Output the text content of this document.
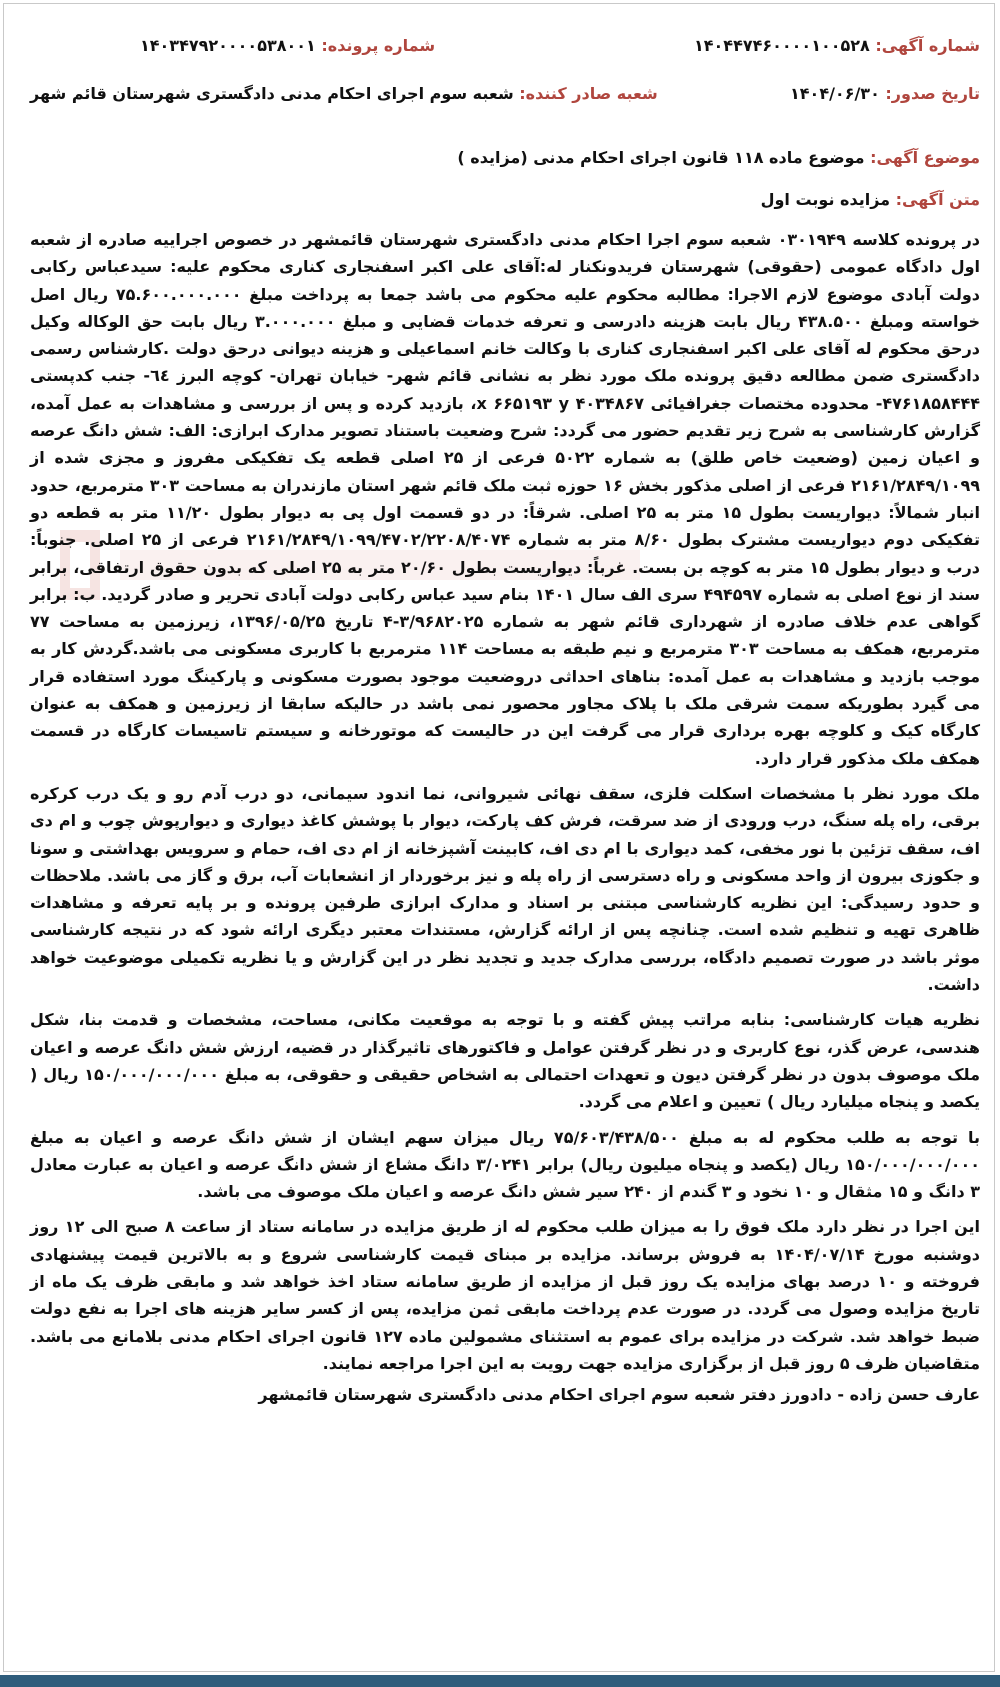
شماره آگهی: ۱۴۰۴۴۷۴۶۰۰۰۰۱۰۰۵۲۸
شماره پرونده: ۱۴۰۳۴۷۹۲۰۰۰۰۵۳۸۰۰۱
تاریخ صدور: ۱۴۰۴/۰۶/۳۰
شعبه صادر کننده: شعبه سوم اجرای احکام مدنی دادگستری شهرستان قائم شهر
موضوع آگهی: موضوع ماده ۱۱۸ قانون اجرای احکام مدنی (مزایده )
متن آگهی: مزایده نوبت اول

در پرونده کلاسه ۰۳۰۱۹۴۹ شعبه سوم اجرا احکام مدنی دادگستری شهرستان قائمشهر در خصوص اجراییه صادره از شعبه اول دادگاه عمومی (حقوقی) شهرستان فریدونکنار له:آقای علی اکبر اسفنجاری کناری محکوم علیه: سیدعباس رکابی دولت آبادی موضوع لازم الاجرا: مطالبه محکوم علیه محکوم می باشد جمعا به پرداخت مبلغ ۷۵.۶۰۰.۰۰۰.۰۰۰ ریال اصل خواسته ومبلغ ۴۳۸.۵۰۰ ریال بابت هزینه دادرسی و تعرفه خدمات قضایی و مبلغ ۳.۰۰۰.۰۰۰ ریال بابت حق الوکاله وکیل درحق محکوم له آقای علی اکبر اسفنجاری کناری با وکالت خانم اسماعیلی و هزینه دیوانی درحق دولت .کارشناس رسمی دادگستری ضمن مطالعه دقیق پرونده ملک مورد نظر به نشانی قائم شهر- خیابان تهران- کوچه البرز ٦٤- جنب کدپستی ۴۷۶۱۸۵۸۴۴۴- محدوده مختصات جغرافیائی x ۶۶۵۱۹۳ y ۴۰۳۴۸۶۷، بازدید کرده و پس از بررسی و مشاهدات به عمل آمده، گزارش کارشناسی به شرح زیر تقدیم حضور می گردد: شرح وضعیت باستناد تصویر مدارک ابرازی: الف: شش دانگ عرصه و اعیان زمین (وضعیت خاص طلق) به شماره ۵۰۲۲ فرعی از ۲۵ اصلی قطعه یک تفکیکی مفروز و مجزی شده از ۲۱۶۱/۲۸۴۹/۱۰۹۹ فرعی از اصلی مذکور بخش ۱۶ حوزه ثبت ملک قائم شهر استان مازندران به مساحت ۳۰۳ مترمربع، حدود انبار شمالاً: دیواریست بطول ۱۵ متر به ۲۵ اصلی. شرقاً: در دو قسمت اول پی به دیوار بطول ۱۱/۲۰ متر به قطعه دو تفکیکی دوم دیواریست مشترک بطول ۸/۶۰ متر به شماره ۲۱۶۱/۲۸۴۹/۱۰۹۹/۴۷۰۲/۲۲۰۸/۴۰۷۴ فرعی از ۲۵ اصلی. جنوباً: درب و دیوار بطول ۱۵ متر به کوچه بن بست. غرباً: دیواریست بطول ۲۰/۶۰ متر به ۲۵ اصلی که بدون حقوق ارتفاقی، برابر سند از نوع اصلی به شماره ۴۹۴۵۹۷ سری الف سال ۱۴۰۱ بنام سید عباس رکابی دولت آبادی تحریر و صادر گردید. ب: برابر گواهی عدم خلاف صادره از شهرداری قائم شهر به شماره ۳/۹۶۸۲۰۲۵-۴ تاریخ ۱۳۹۶/۰۵/۲۵، زیرزمین به مساحت ۷۷ مترمربع، همکف به مساحت ۳۰۳ مترمربع و نیم طبقه به مساحت ۱۱۴ مترمربع با کاربری مسکونی می باشد.گردش کار به موجب بازدید و مشاهدات به عمل آمده: بناهای احداثی دروضعیت موجود بصورت مسکونی و پارکینگ مورد استفاده قرار می گیرد بطوریکه سمت شرقی ملک با پلاک مجاور محصور نمی باشد در حالیکه سابقا از زیرزمین و همکف به عنوان کارگاه کیک و کلوچه بهره برداری قرار می گرفت این در حالیست که موتورخانه و سیستم تاسیسات کارگاه در قسمت همکف ملک مذکور قرار دارد.

ملک مورد نظر با مشخصات اسکلت فلزی، سقف نهائی شیروانی، نما اندود سیمانی، دو درب آدم رو و یک درب کرکره برقی، راه پله سنگ، درب ورودی از ضد سرقت، فرش کف پارکت، دیوار با پوشش کاغذ دیواری و دیوارپوش چوب و ام دی اف، سقف تزئین با نور مخفی، کمد دیواری با ام دی اف، کابینت آشپزخانه از ام دی اف، حمام و سرویس بهداشتی و سونا و جکوزی بیرون از واحد مسکونی و راه دسترسی از راه پله و نیز برخوردار از انشعابات آب، برق و گاز می باشد. ملاحظات و حدود رسیدگی: این نظریه کارشناسی مبتنی بر اسناد و مدارک ابرازی طرفین پرونده و بر پایه تعرفه و مشاهدات ظاهری تهیه و تنظیم شده است. چنانچه پس از ارائه گزارش، مستندات معتبر دیگری ارائه شود که در نتیجه کارشناسی موثر باشد در صورت تصمیم دادگاه، بررسی مدارک جدید و تجدید نظر در این گزارش و یا نظریه تکمیلی موضوعیت خواهد داشت.

نظریه هیات کارشناسی: بنابه مراتب پیش گفته و با توجه به موقعیت مکانی، مساحت، مشخصات و قدمت بنا، شکل هندسی، عرض گذر، نوع کاربری و در نظر گرفتن عوامل و فاکتورهای تاثیرگذار در قضیه، ارزش شش دانگ عرصه و اعیان ملک موصوف بدون در نظر گرفتن دیون و تعهدات احتمالی به اشخاص حقیقی و حقوقی، به مبلغ ۱۵۰/۰۰۰/۰۰۰/۰۰۰ ریال ( یکصد و پنجاه میلیارد ریال ) تعیین و اعلام می گردد.

با توجه به طلب محکوم له به مبلغ ۷۵/۶۰۳/۴۳۸/۵۰۰ ریال میزان سهم ایشان از شش دانگ عرصه و اعیان به مبلغ ۱۵۰/۰۰۰/۰۰۰/۰۰۰ ریال (یکصد و پنجاه میلیون ریال) برابر ۳/۰۲۴۱ دانگ مشاع از شش دانگ عرصه و اعیان به عبارت معادل ۳ دانگ و ۱۵ مثقال و ۱۰ نخود و ۳ گندم از ۲۴۰ سیر شش دانگ عرصه و اعیان ملک موصوف می باشد.

این اجرا در نظر دارد ملک فوق را به میزان طلب محکوم له از طریق مزایده در سامانه ستاد از ساعت ۸ صبح الی ۱۲ روز دوشنبه مورخ ۱۴۰۴/۰۷/۱۴ به فروش برساند. مزایده بر مبنای قیمت کارشناسی شروع و به بالاترین قیمت پیشنهادی فروخته و ۱۰ درصد بهای مزایده یک روز قبل از مزایده از طریق سامانه ستاد اخذ خواهد شد و مابقی ظرف یک ماه از تاریخ مزایده وصول می گردد. در صورت عدم پرداخت مابقی ثمن مزایده، پس از کسر سایر هزینه های اجرا به نفع دولت ضبط خواهد شد. شرکت در مزایده برای عموم به استثنای مشمولین ماده ۱۲۷ قانون اجرای احکام مدنی بلامانع می باشد. متقاضیان ظرف ۵ روز قبل از برگزاری مزایده جهت رویت به این اجرا مراجعه نمایند.

عارف حسن زاده - دادورز دفتر شعبه سوم اجرای احکام مدنی دادگستری شهرستان قائمشهر
